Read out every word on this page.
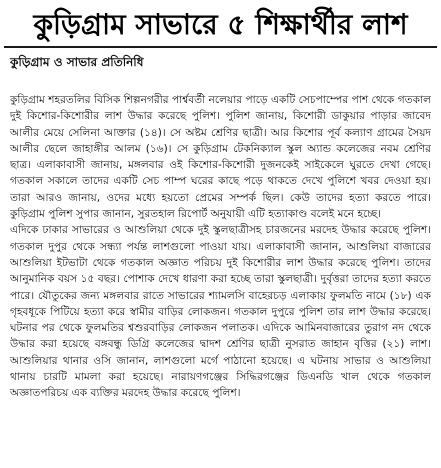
কুড়িগ্রাম সাভারে ৫ শিক্ষার্থীর লাশ
কুড়িগ্রাম ও সাভার প্রতিনিধি

কুড়িগ্রাম শহরতলির বিসিক শিল্পনগরীর পার্শ্ববর্তী নলেয়ার পাড়ে একটি সেচপাম্পের পাশ থেকে গতকাল দুই কিশোর-কিশোরীর লাশ উদ্ধার করেছে পুলিশ। পুলিশ জানায়, কিশোরী ডাকুয়ার পাড়ার জাবেদ আলীর মেয়ে সেলিনা আক্তার (১৪)। সে অষ্টম শ্রেণির ছাত্রী। আর কিশোর পূর্ব কল্যাণ গ্রামের সৈয়দ আলীর ছেলে জাহাঙ্গীর আলম (১৬)। সে কুড়িগ্রাম টেকনিক্যাল স্কুল অ্যান্ড কলেজের নবম শ্রেণির ছাত্র। এলাকাবাসী জানায়, মঙ্গলবার ওই কিশোর-কিশোরী দুজনকেই সাইকেলে ঘুরতে দেখা গেছে। গতকাল সকালে তাদের একটি সেচ পাম্প ঘরের কাছে পড়ে থাকতে দেখে পুলিশে খবর দেওয়া হয়। তারা আরও জানায়, ওদের মধ্যে হয়তো প্রেমের সম্পর্ক ছিল। কেউ তাদের হত্যা করতে পারে। কুড়িগ্রাম পুলিশ সুপার জানান, সুরতহাল রিপোর্ট অনুযায়ী এটি হত্যাকাণ্ড বলেই মনে হচ্ছে।

এদিকে ঢাকার সাভারের ও আশুলিয়া থেকে দুই স্কুলছাত্রীসহ চারজনের মরদেহ উদ্ধার করেছে পুলিশ। গতকাল দুপুর থেকে সন্ধ্যা পর্যন্ত লাশগুলো পাওয়া যায়। এলাকাবাসী জানান, আশুলিয়া বাজারের আশুলিয়া ইটভাটা থেকে গতকাল অজ্ঞাত পরিচয় দুই কিশোরীর লাশ উদ্ধার করেছে পুলিশ। তাদের আনুমানিক বয়স ১৫ বছর। পোশাক দেখে ধারণা করা হচ্ছে তারা স্কুলছাত্রী। দুর্বৃত্তরা তাদের হত্যা করতে পারে। যৌতুকের জন্য মঙ্গলবার রাতে সাভারের শ্যামলসি বাহেরচড় এলাকায় ফুলমতি নামে (১৮) এক গৃহবধূকে পিটিয়ে হত্যা করে স্বামীর বাড়ির লোকজন। গতকাল দুপুরে পুলিশ তার লাশ উদ্ধার করেছে। ঘটনার পর থেকে ফুলমতির শ্বশুরবাড়ির লোকজন পলাতক। এদিকে আমিনবাজারের তুরাগ নদ থেকে উদ্ধার করা হয়েছে বঙ্গবন্ধু ডিগ্রি কলেজের দ্বাদশ শ্রেণির ছাত্রী নুসরাত জাহান বৃত্তির (২১) লাশ। আশুলিয়ার থানার ওসি জানান, লাশগুলো মর্গে পাঠানো হয়েছে। এ ঘটনায় সাভার ও আশুলিয়া থানায় চারটি মামলা করা হয়েছে। নারায়ণগঞ্জের সিদ্ধিরগঞ্জের ডিএনডি খাল থেকে গতকাল অজ্ঞাতপরিচয় এক ব্যক্তির মরদেহ উদ্ধার করেছে পুলিশ।
